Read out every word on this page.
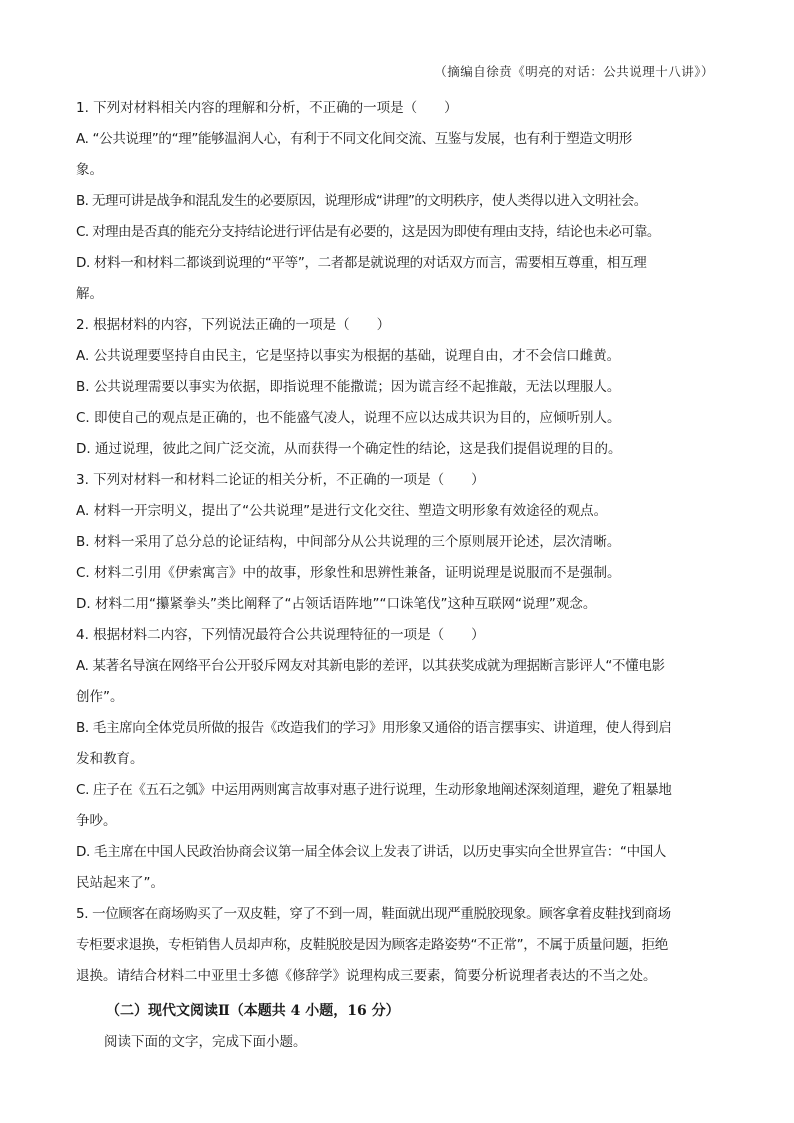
（摘编自徐贲《明亮的对话：公共说理十八讲》）
1. 下列对材料相关内容的理解和分析，不正确的一项是（　　）
A. “公共说理”的“理”能够温润人心，有利于不同文化间交流、互鉴与发展，也有利于塑造文明形
象。
B. 无理可讲是战争和混乱发生的必要原因，说理形成“讲理”的文明秩序，使人类得以进入文明社会。
C. 对理由是否真的能充分支持结论进行评估是有必要的，这是因为即使有理由支持，结论也未必可靠。
D. 材料一和材料二都谈到说理的“平等”，二者都是就说理的对话双方而言，需要相互尊重，相互理
解。
2. 根据材料的内容，下列说法正确的一项是（　　）
A. 公共说理要坚持自由民主，它是坚持以事实为根据的基础，说理自由，才不会信口雌黄。
B. 公共说理需要以事实为依据，即指说理不能撒谎；因为谎言经不起推敲，无法以理服人。
C. 即使自己的观点是正确的，也不能盛气凌人，说理不应以达成共识为目的，应倾听别人。
D. 通过说理，彼此之间广泛交流，从而获得一个确定性的结论，这是我们提倡说理的目的。
3. 下列对材料一和材料二论证的相关分析，不正确的一项是（　　）
A. 材料一开宗明义，提出了“公共说理”是进行文化交往、塑造文明形象有效途径的观点。
B. 材料一采用了总分总的论证结构，中间部分从公共说理的三个原则展开论述，层次清晰。
C. 材料二引用《伊索寓言》中的故事，形象性和思辨性兼备，证明说理是说服而不是强制。
D. 材料二用“攥紧拳头”类比阐释了“占领话语阵地”“口诛笔伐”这种互联网“说理”观念。
4. 根据材料二内容，下列情况最符合公共说理特征的一项是（　　）
A. 某著名导演在网络平台公开驳斥网友对其新电影的差评，以其获奖成就为理据断言影评人“不懂电影
创作”。
B. 毛主席向全体党员所做的报告《改造我们的学习》用形象又通俗的语言摆事实、讲道理，使人得到启
发和教育。
C. 庄子在《五石之瓠》中运用两则寓言故事对惠子进行说理，生动形象地阐述深刻道理，避免了粗暴地
争吵。
D. 毛主席在中国人民政治协商会议第一届全体会议上发表了讲话，以历史事实向全世界宣告：“中国人
民站起来了”。
5. 一位顾客在商场购买了一双皮鞋，穿了不到一周，鞋面就出现严重脱胶现象。顾客拿着皮鞋找到商场
专柜要求退换，专柜销售人员却声称，皮鞋脱胶是因为顾客走路姿势“不正常”，不属于质量问题，拒绝
退换。请结合材料二中亚里士多德《修辞学》说理构成三要素，简要分析说理者表达的不当之处。
（二）现代文阅读Ⅱ（本题共 4 小题，16 分）
阅读下面的文字，完成下面小题。
